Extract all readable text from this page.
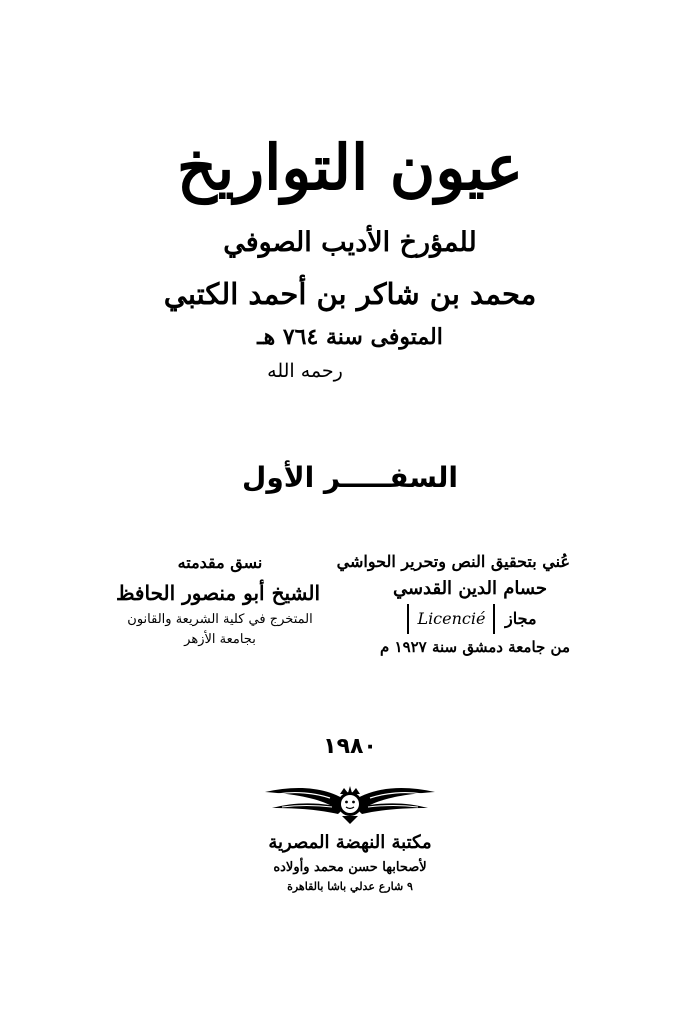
عيون التواريخ
للمؤرخ الأديب الصوفي
محمد بن شاكر بن أحمد الكتبي
المتوفى سنة ٧٦٤ هـ
رحمه الله
السفـــــر الأول
عُني بتحقيق النص وتحرير الحواشي
حسام الدين القدسي
مجاز Licencié
من جامعة دمشق سنة ١٩٢٧ م
نسق مقدمته
الشيخ أبو منصور الحافظ
المتخرج في كلية الشريعة والقانون
بجامعة الأزهر
١٩٨٠
مكتبة النهضة المصرية
لأصحابها حسن محمد وأولاده
٩ شارع عدلي باشا بالقاهرة
